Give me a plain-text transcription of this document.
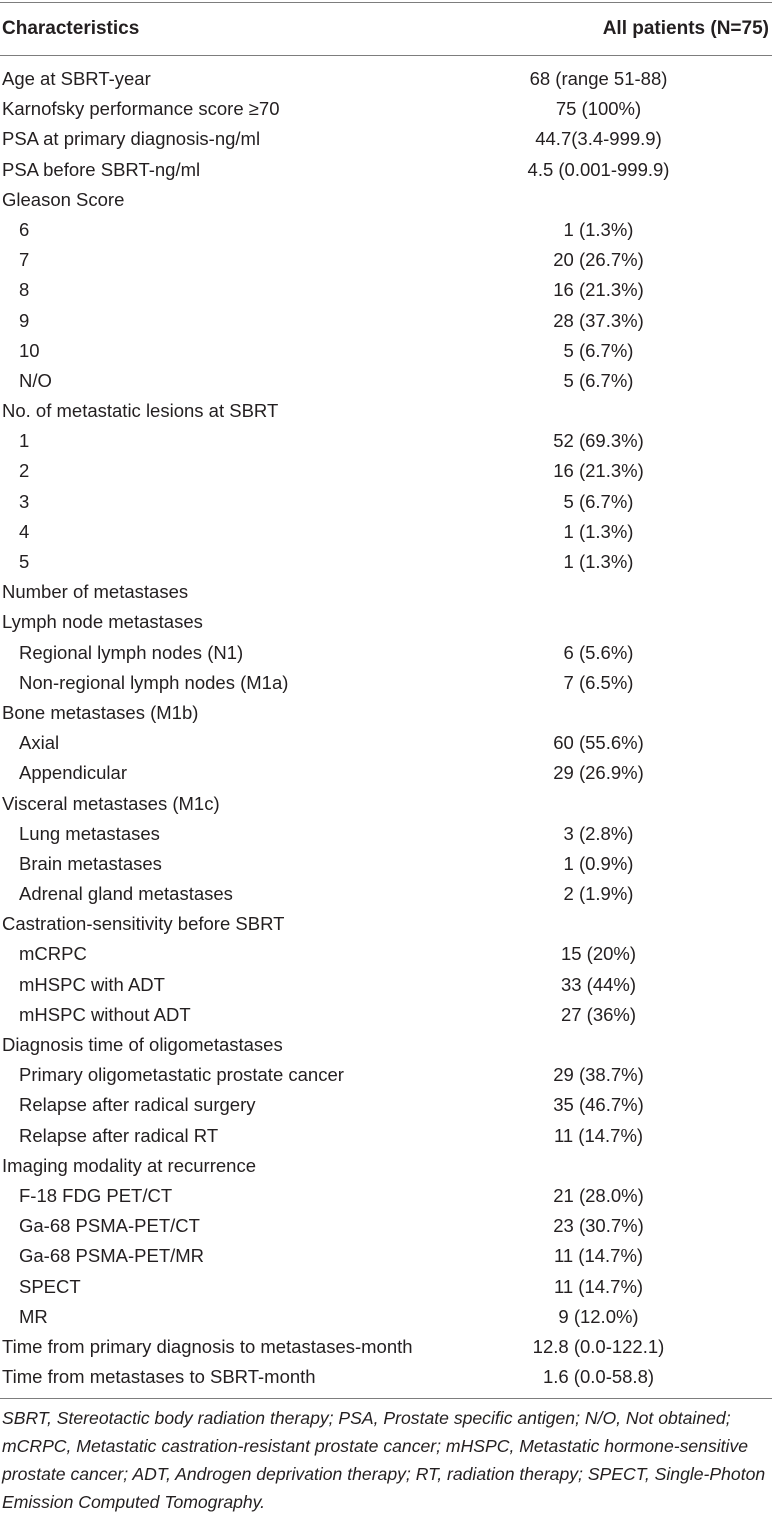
Characteristics	All patients (N=75)
Age at SBRT-year	68 (range 51-88)
Karnofsky performance score ≥70	75 (100%)
PSA at primary diagnosis-ng/ml	44.7(3.4-999.9)
PSA before SBRT-ng/ml	4.5 (0.001-999.9)
Gleason Score
6	1 (1.3%)
7	20 (26.7%)
8	16 (21.3%)
9	28 (37.3%)
10	5 (6.7%)
N/O	5 (6.7%)
No. of metastatic lesions at SBRT
1	52 (69.3%)
2	16 (21.3%)
3	5 (6.7%)
4	1 (1.3%)
5	1 (1.3%)
Number of metastases
Lymph node metastases
Regional lymph nodes (N1)	6 (5.6%)
Non-regional lymph nodes (M1a)	7 (6.5%)
Bone metastases (M1b)
Axial	60 (55.6%)
Appendicular	29 (26.9%)
Visceral metastases (M1c)
Lung metastases	3 (2.8%)
Brain metastases	1 (0.9%)
Adrenal gland metastases	2 (1.9%)
Castration-sensitivity before SBRT
mCRPC	15 (20%)
mHSPC with ADT	33 (44%)
mHSPC without ADT	27 (36%)
Diagnosis time of oligometastases
Primary oligometastatic prostate cancer	29 (38.7%)
Relapse after radical surgery	35 (46.7%)
Relapse after radical RT	11 (14.7%)
Imaging modality at recurrence
F-18 FDG PET/CT	21 (28.0%)
Ga-68 PSMA-PET/CT	23 (30.7%)
Ga-68 PSMA-PET/MR	11 (14.7%)
SPECT	11 (14.7%)
MR	9 (12.0%)
Time from primary diagnosis to metastases-month	12.8 (0.0-122.1)
Time from metastases to SBRT-month	1.6 (0.0-58.8)
SBRT, Stereotactic body radiation therapy; PSA, Prostate specific antigen; N/O, Not obtained; mCRPC, Metastatic castration-resistant prostate cancer; mHSPC, Metastatic hormone-sensitive prostate cancer; ADT, Androgen deprivation therapy; RT, radiation therapy; SPECT, Single-Photon Emission Computed Tomography.
